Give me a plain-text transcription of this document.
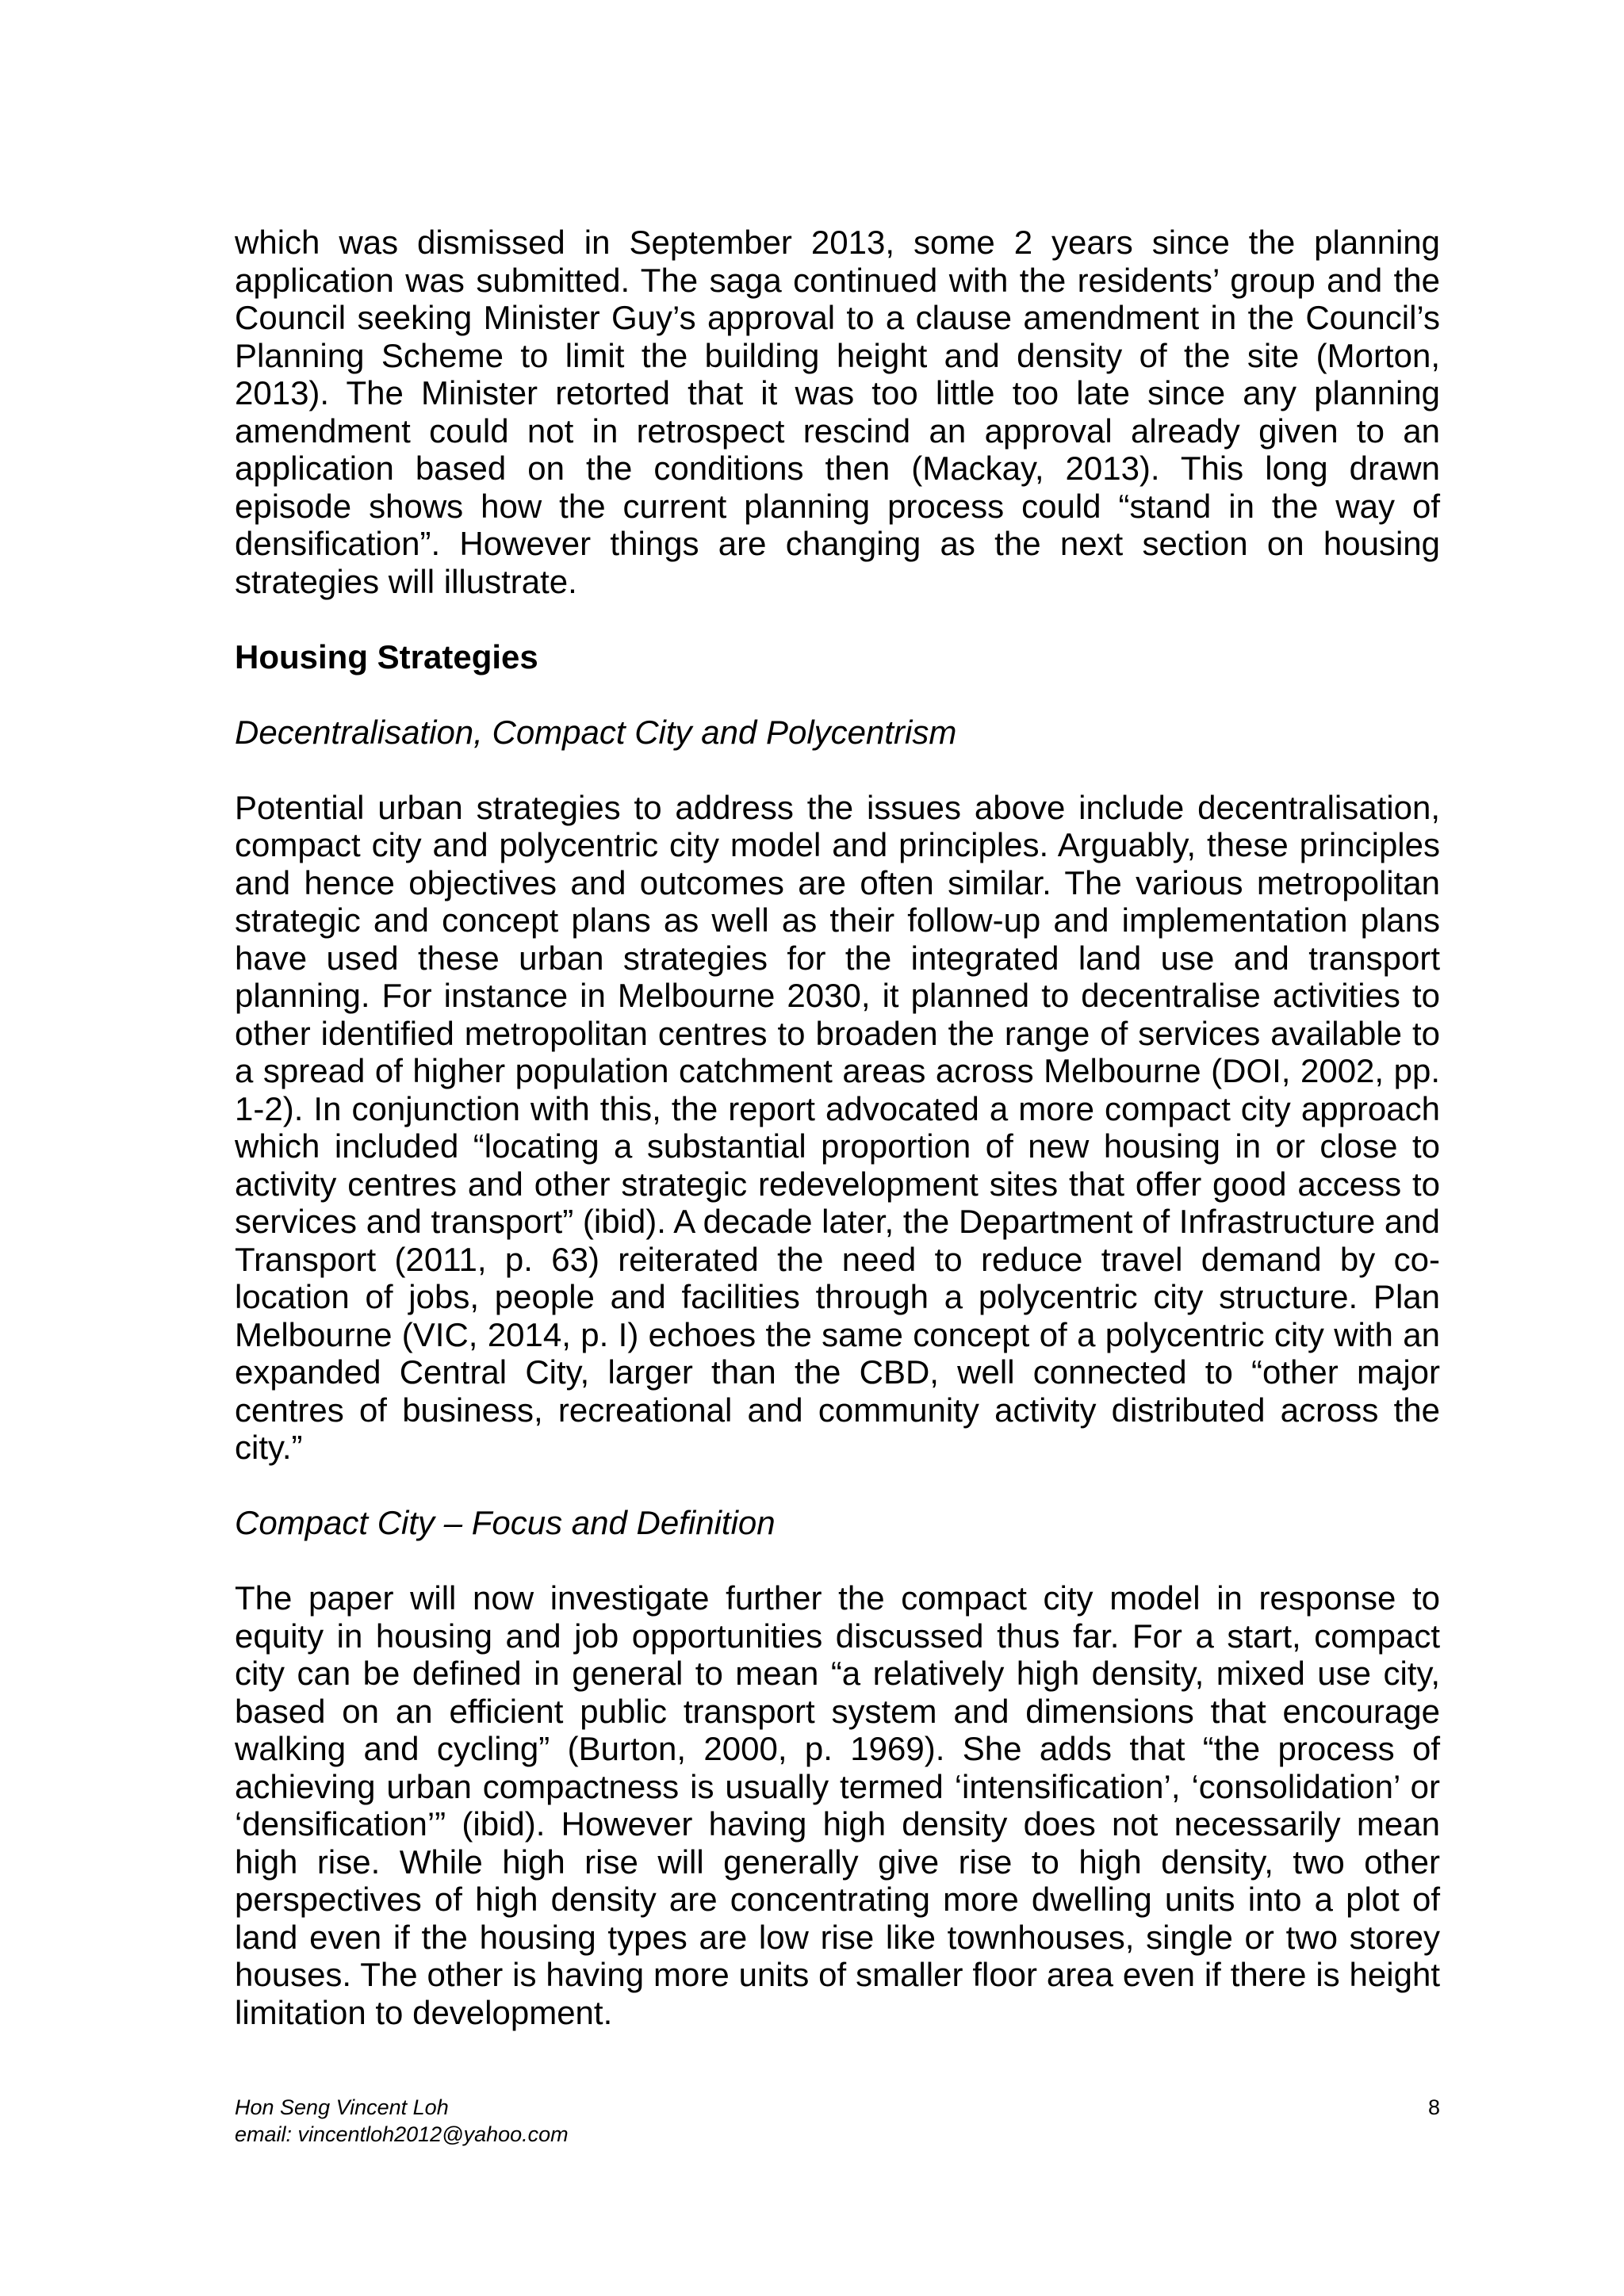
which was dismissed in September 2013, some 2 years since the planning application was submitted. The saga continued with the residents’ group and the Council seeking Minister Guy’s approval to a clause amendment in the Council’s Planning Scheme to limit the building height and density of the site (Morton, 2013). The Minister retorted that it was too little too late since any planning amendment could not in retrospect rescind an approval already given to an application based on the conditions then (Mackay, 2013). This long drawn episode shows how the current planning process could “stand in the way of densification”. However things are changing as the next section on housing strategies will illustrate.

Housing Strategies
Decentralisation, Compact City and Polycentrism

Potential urban strategies to address the issues above include decentralisation, compact city and polycentric city model and principles. Arguably, these principles and hence objectives and outcomes are often similar. The various metropolitan strategic and concept plans as well as their follow-up and implementation plans have used these urban strategies for the integrated land use and transport planning. For instance in Melbourne 2030, it planned to decentralise activities to other identified metropolitan centres to broaden the range of services available to a spread of higher population catchment areas across Melbourne (DOI, 2002, pp. 1-2). In conjunction with this, the report advocated a more compact city approach which included “locating a substantial proportion of new housing in or close to activity centres and other strategic redevelopment sites that offer good access to services and transport” (ibid). A decade later, the Department of Infrastructure and Transport (2011, p. 63) reiterated the need to reduce travel demand by co-location of jobs, people and facilities through a polycentric city structure. Plan Melbourne (VIC, 2014, p. I) echoes the same concept of a polycentric city with an expanded Central City, larger than the CBD, well connected to “other major centres of business, recreational and community activity distributed across the city.”

Compact City – Focus and Definition

The paper will now investigate further the compact city model in response to equity in housing and job opportunities discussed thus far. For a start, compact city can be defined in general to mean “a relatively high density, mixed use city, based on an efficient public transport system and dimensions that encourage walking and cycling” (Burton, 2000, p. 1969). She adds that “the process of achieving urban compactness is usually termed ‘intensification’, ‘consolidation’ or ‘densification’” (ibid). However having high density does not necessarily mean high rise. While high rise will generally give rise to high density, two other perspectives of high density are concentrating more dwelling units into a plot of land even if the housing types are low rise like townhouses, single or two storey houses. The other is having more units of smaller floor area even if there is height limitation to development.

Hon Seng Vincent Loh
email: vincentloh2012@yahoo.com
8
